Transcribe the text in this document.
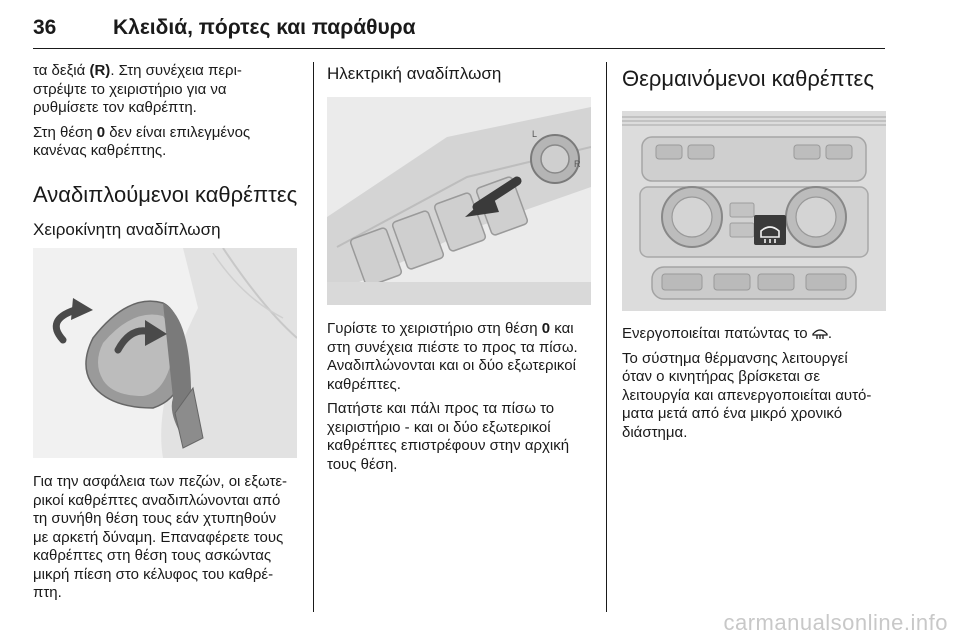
36	Κλειδιά, πόρτες και παράθυρα

τα δεξιά (R). Στη συνέχεια περι-
στρέψτε το χειριστήριο για να
ρυθμίσετε τον καθρέπτη.

Στη θέση 0 δεν είναι επιλεγμένος
κανένας καθρέπτης.

Αναδιπλούμενοι καθρέπτες
Χειροκίνητη αναδίπλωση

Για την ασφάλεια των πεζών, οι εξωτε-
ρικοί καθρέπτες αναδιπλώνονται από
τη συνήθη θέση τους εάν χτυπηθούν
με αρκετή δύναμη. Επαναφέρετε τους
καθρέπτες στη θέση τους ασκώντας
μικρή πίεση στο κέλυφος του καθρέ-
πτη.

Ηλεκτρική αναδίπλωση
L
R

Γυρίστε το χειριστήριο στη θέση 0 και
στη συνέχεια πιέστε το προς τα πίσω.
Αναδιπλώνονται και οι δύο εξωτερικοί
καθρέπτες.

Πατήστε και πάλι προς τα πίσω το
χειριστήριο - και οι δύο εξωτερικοί
καθρέπτες επιστρέφουν στην αρχική
τους θέση.

Θερμαινόμενοι καθρέπτες

Ενεργοποιείται πατώντας το .

Το σύστημα θέρμανσης λειτουργεί
όταν ο κινητήρας βρίσκεται σε
λειτουργία και απενεργοποιείται αυτό-
ματα μετά από ένα μικρό χρονικό
διάστημα.

carmanualsonline.info
